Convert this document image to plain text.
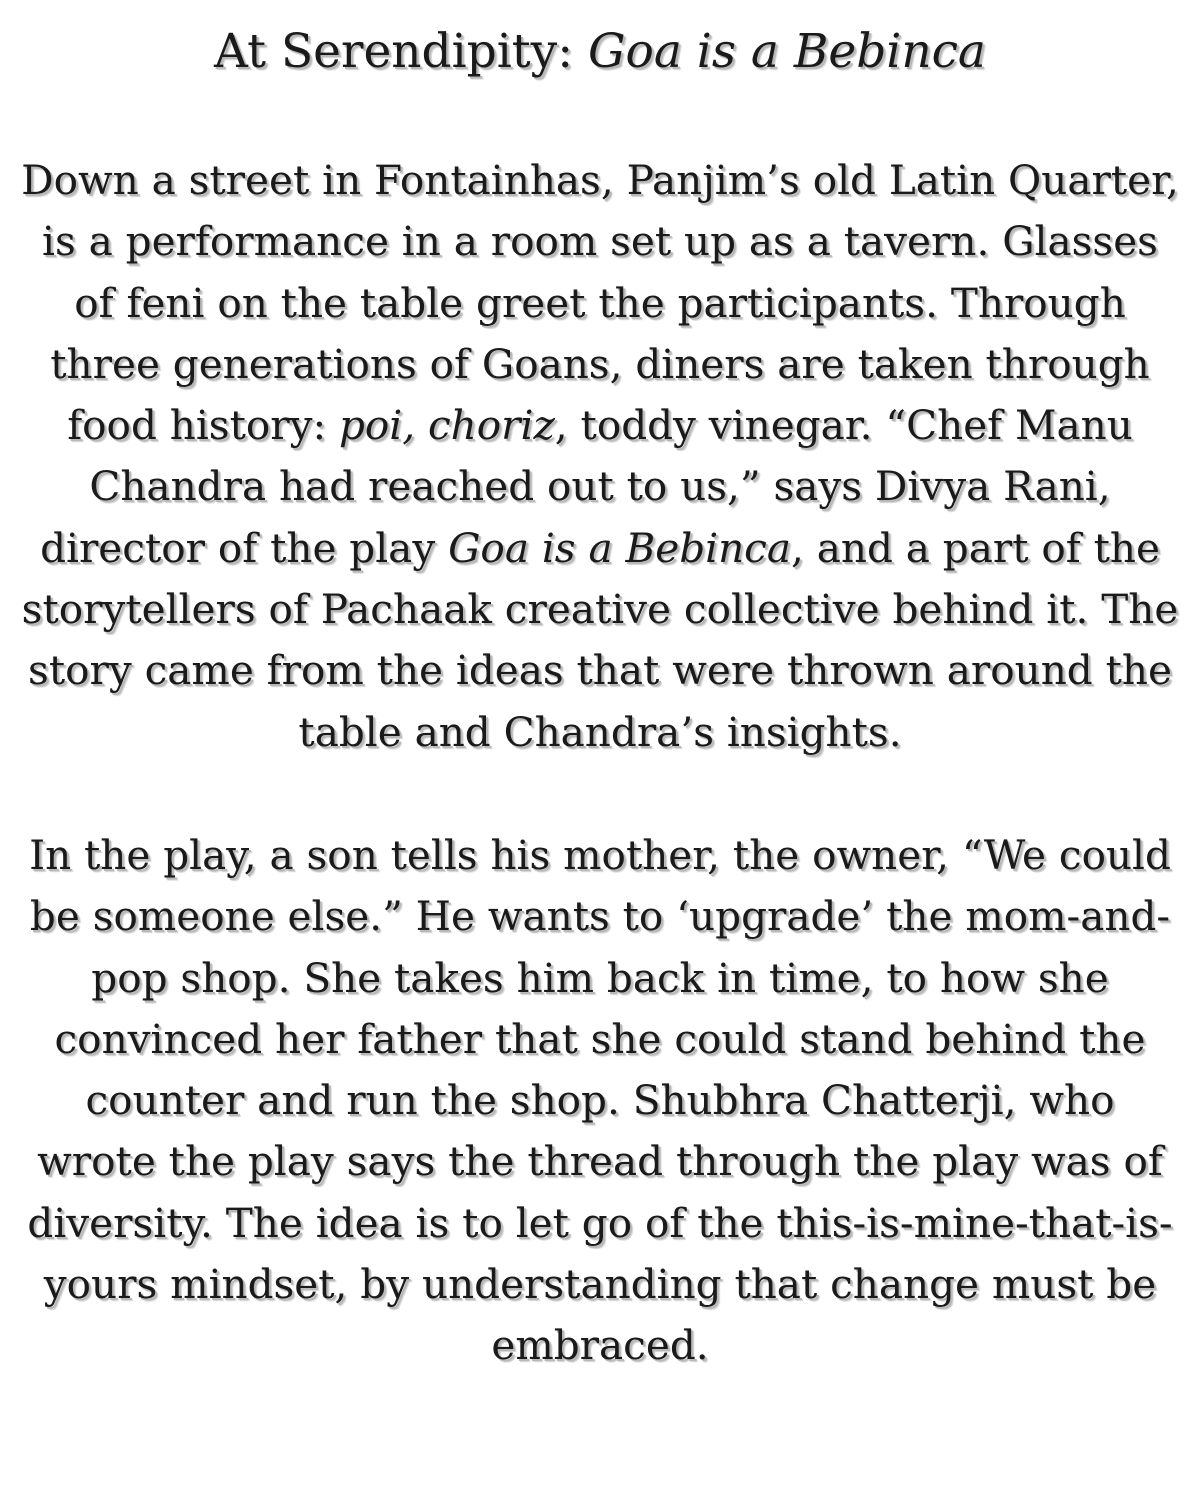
At Serendipity: Goa is a Bebinca

Down a street in Fontainhas, Panjim’s old Latin Quarter, is a performance in a room set up as a tavern. Glasses of feni on the table greet the participants. Through three generations of Goans, diners are taken through food history: poi, choriz, toddy vinegar. “Chef Manu Chandra had reached out to us,” says Divya Rani, director of the play Goa is a Bebinca, and a part of the storytellers of Pachaak creative collective behind it. The story came from the ideas that were thrown around the table and Chandra’s insights.

In the play, a son tells his mother, the owner, “We could be someone else.” He wants to ‘upgrade’ the mom-and-pop shop. She takes him back in time, to how she convinced her father that she could stand behind the counter and run the shop. Shubhra Chatterji, who wrote the play says the thread through the play was of diversity. The idea is to let go of the this-is-mine-that-is-yours mindset, by understanding that change must be embraced.
